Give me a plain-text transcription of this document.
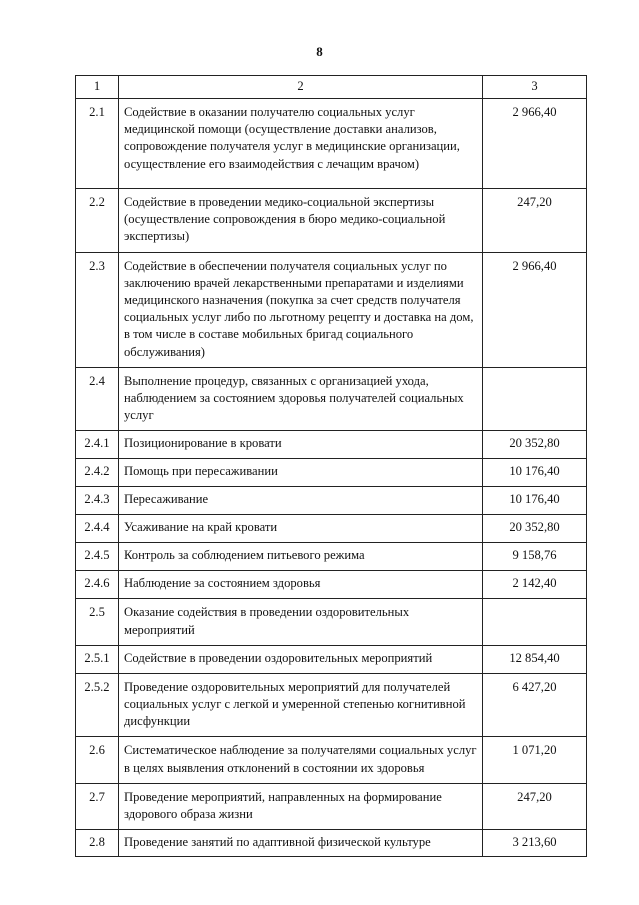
8
1	2	3
2.1	Содействие в оказании получателю социальных услуг медицинской помощи (осуществление доставки анализов, сопровождение получателя услуг в медицинские организации, осуществление его взаимодействия с лечащим врачом)	2 966,40
2.2	Содействие в проведении медико-социальной экспертизы (осуществление сопровождения в бюро медико-социальной экспертизы)	247,20
2.3	Содействие в обеспечении получателя социальных услуг по заключению врачей лекарственными препаратами и изделиями медицинского назначения (покупка за счет средств получателя социальных услуг либо по льготному рецепту и доставка на дом, в том числе в составе мобильных бригад социального обслуживания)	2 966,40
2.4	Выполнение процедур, связанных с организацией ухода, наблюдением за состоянием здоровья получателей социальных услуг	
2.4.1	Позиционирование в кровати	20 352,80
2.4.2	Помощь при пересаживании	10 176,40
2.4.3	Пересаживание	10 176,40
2.4.4	Усаживание на край кровати	20 352,80
2.4.5	Контроль за соблюдением питьевого режима	9 158,76
2.4.6	Наблюдение за состоянием здоровья	2 142,40
2.5	Оказание содействия в проведении оздоровительных мероприятий	
2.5.1	Содействие в проведении оздоровительных мероприятий	12 854,40
2.5.2	Проведение оздоровительных мероприятий для получателей социальных услуг с легкой и умеренной степенью когнитивной дисфункции	6 427,20
2.6	Систематическое наблюдение за получателями социальных услуг в целях выявления отклонений в состоянии их здоровья	1 071,20
2.7	Проведение мероприятий, направленных на формирование здорового образа жизни	247,20
2.8	Проведение занятий по адаптивной физической культуре	3 213,60
